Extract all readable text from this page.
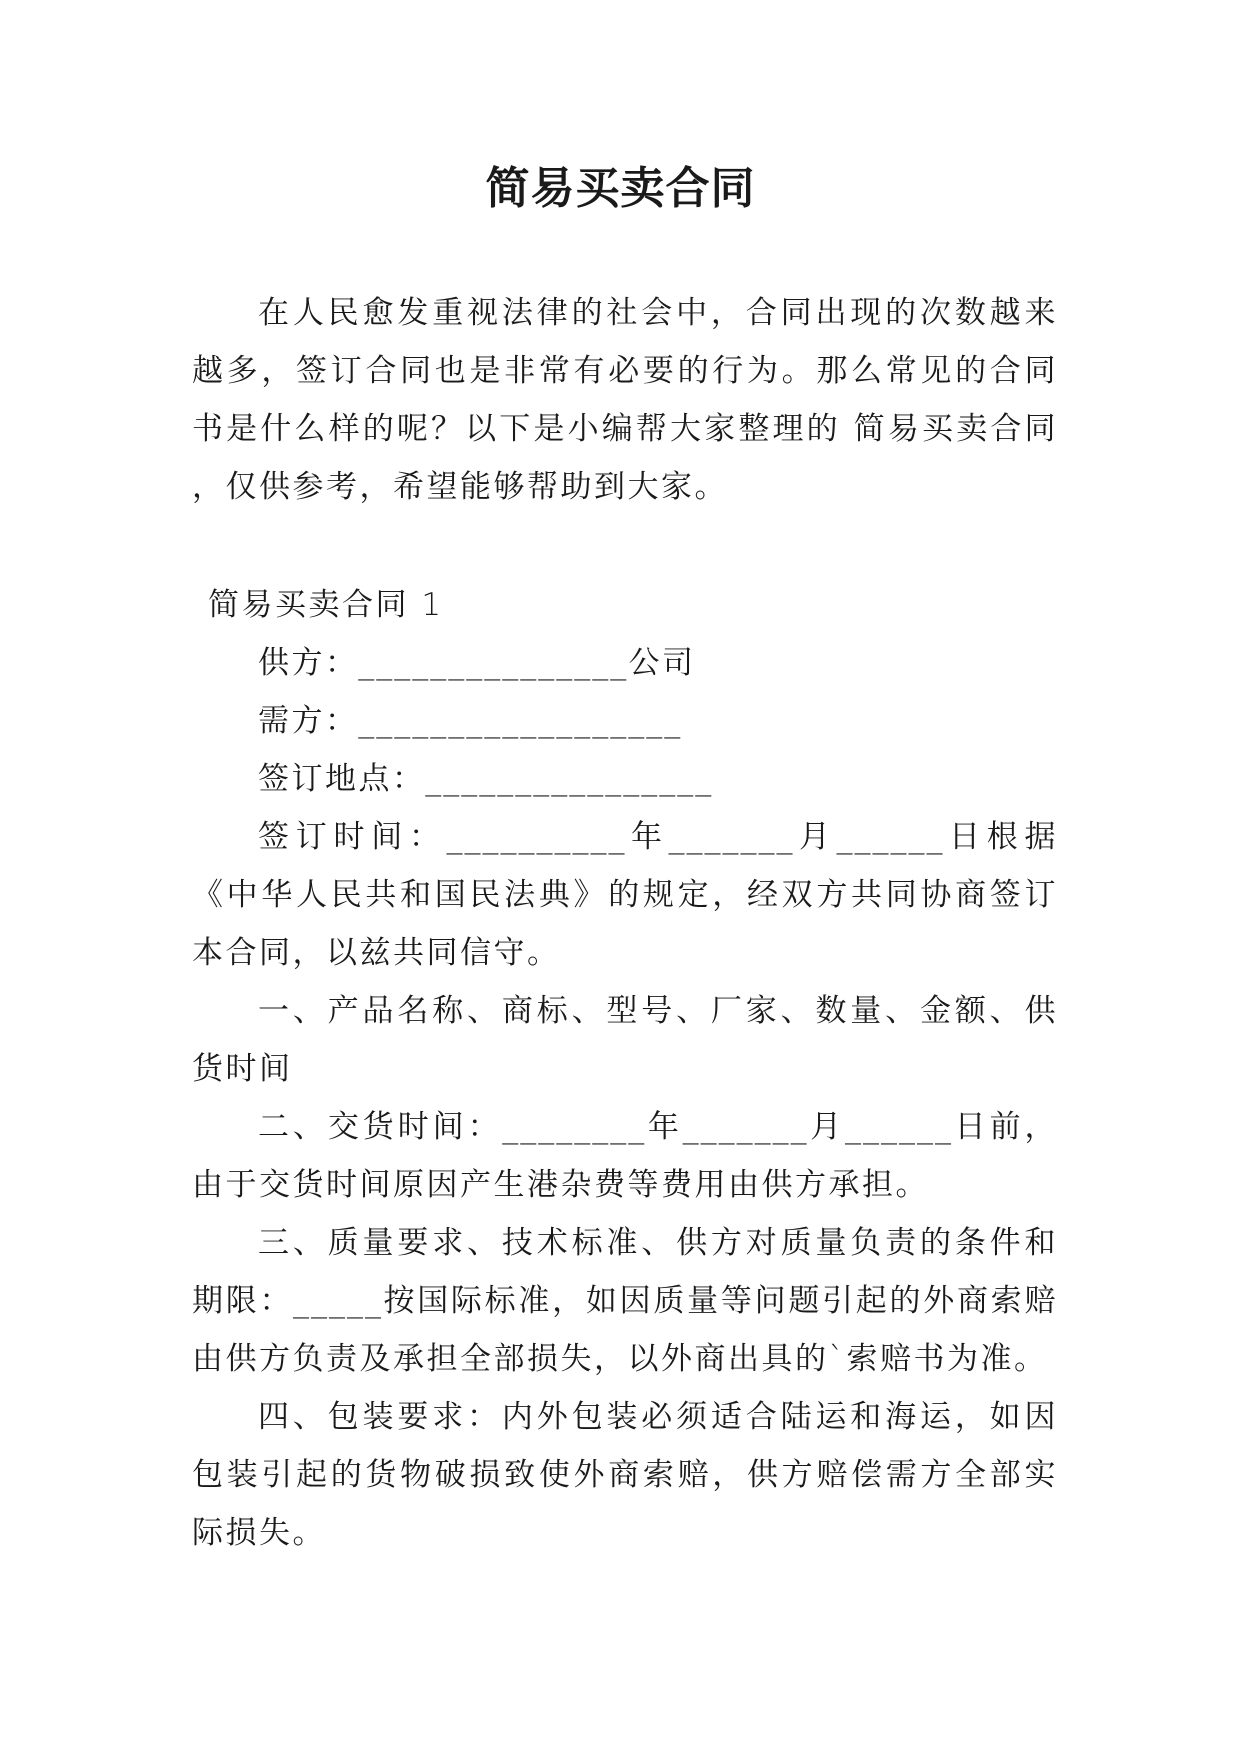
简易买卖合同

在人民愈发重视法律的社会中，合同出现的次数越来越多，签订合同也是非常有必要的行为。那么常见的合同书是什么样的呢？以下是小编帮大家整理的 简易买卖合同 ，仅供参考，希望能够帮助到大家。

简易买卖合同 1

供方：_______________公司

需方：__________________

签订地点：________________

签订时间：__________年_______月______日根据《中华人民共和国民法典》的规定，经双方共同协商签订本合同，以兹共同信守。

一、产品名称、商标、型号、厂家、数量、金额、供货时间

二、交货时间：________年_______月______日前，由于交货时间原因产生港杂费等费用由供方承担。

三、质量要求、技术标准、供方对质量负责的条件和期限：_____按国际标准，如因质量等问题引起的外商索赔由供方负责及承担全部损失，以外商出具的`索赔书为准。

四、包装要求：内外包装必须适合陆运和海运，如因包装引起的货物破损致使外商索赔，供方赔偿需方全部实际损失。
